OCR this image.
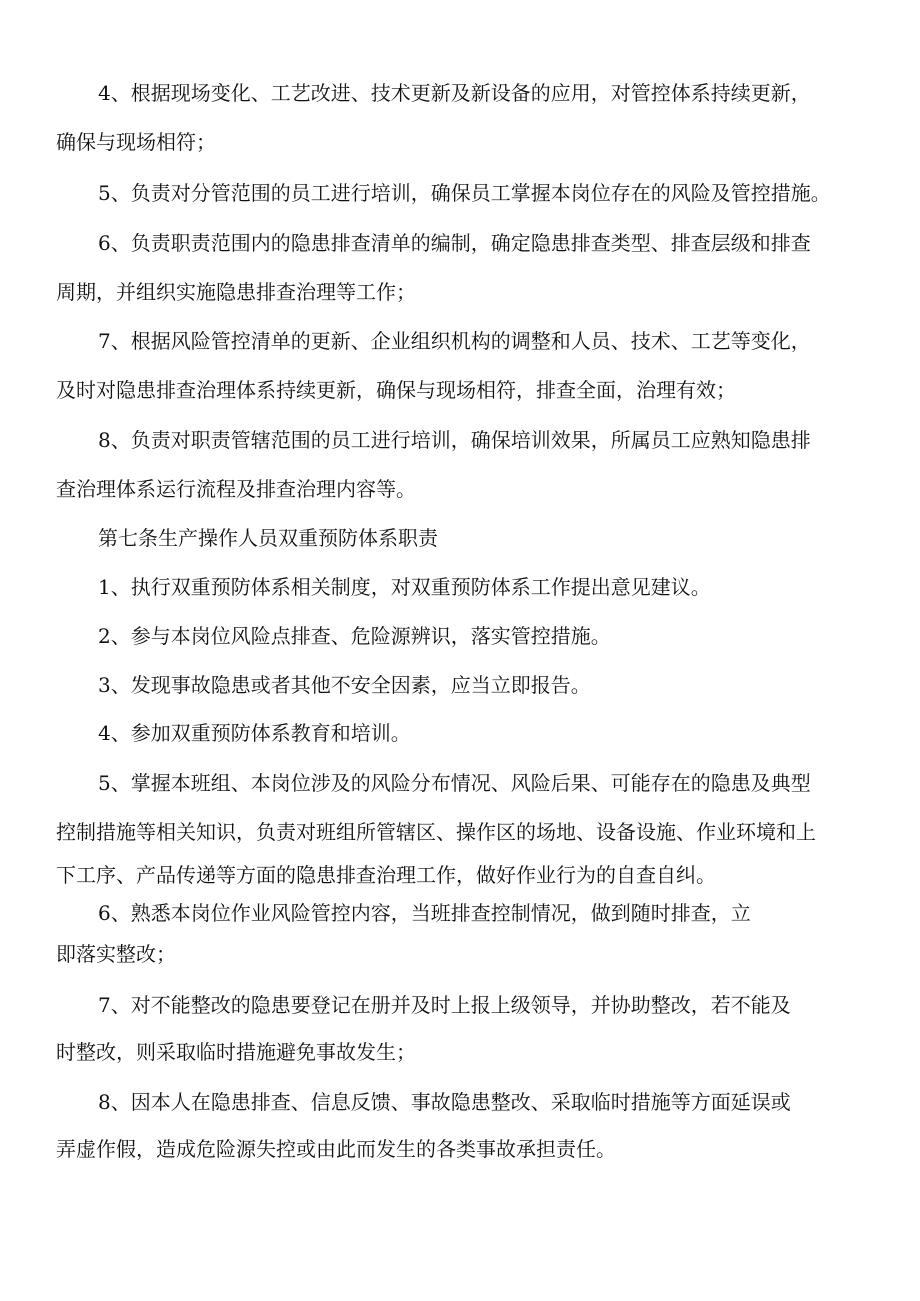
4、根据现场变化、工艺改进、技术更新及新设备的应用，对管控体系持续更新，
确保与现场相符；
5、负责对分管范围的员工进行培训，确保员工掌握本岗位存在的风险及管控措施。
6、负责职责范围内的隐患排查清单的编制，确定隐患排查类型、排查层级和排查
周期，并组织实施隐患排查治理等工作；
7、根据风险管控清单的更新、企业组织机构的调整和人员、技术、工艺等变化，
及时对隐患排查治理体系持续更新，确保与现场相符，排查全面，治理有效；
8、负责对职责管辖范围的员工进行培训，确保培训效果，所属员工应熟知隐患排
查治理体系运行流程及排查治理内容等。
第七条生产操作人员双重预防体系职责
1、执行双重预防体系相关制度，对双重预防体系工作提出意见建议。
2、参与本岗位风险点排查、危险源辨识，落实管控措施。
3、发现事故隐患或者其他不安全因素，应当立即报告。
4、参加双重预防体系教育和培训。
5、掌握本班组、本岗位涉及的风险分布情况、风险后果、可能存在的隐患及典型
控制措施等相关知识，负责对班组所管辖区、操作区的场地、设备设施、作业环境和上
下工序、产品传递等方面的隐患排查治理工作，做好作业行为的自查自纠。
6、熟悉本岗位作业风险管控内容，当班排查控制情况，做到随时排查，立
即落实整改；
7、对不能整改的隐患要登记在册并及时上报上级领导，并协助整改，若不能及
时整改，则采取临时措施避免事故发生；
8、因本人在隐患排查、信息反馈、事故隐患整改、采取临时措施等方面延误或
弄虚作假，造成危险源失控或由此而发生的各类事故承担责任。
